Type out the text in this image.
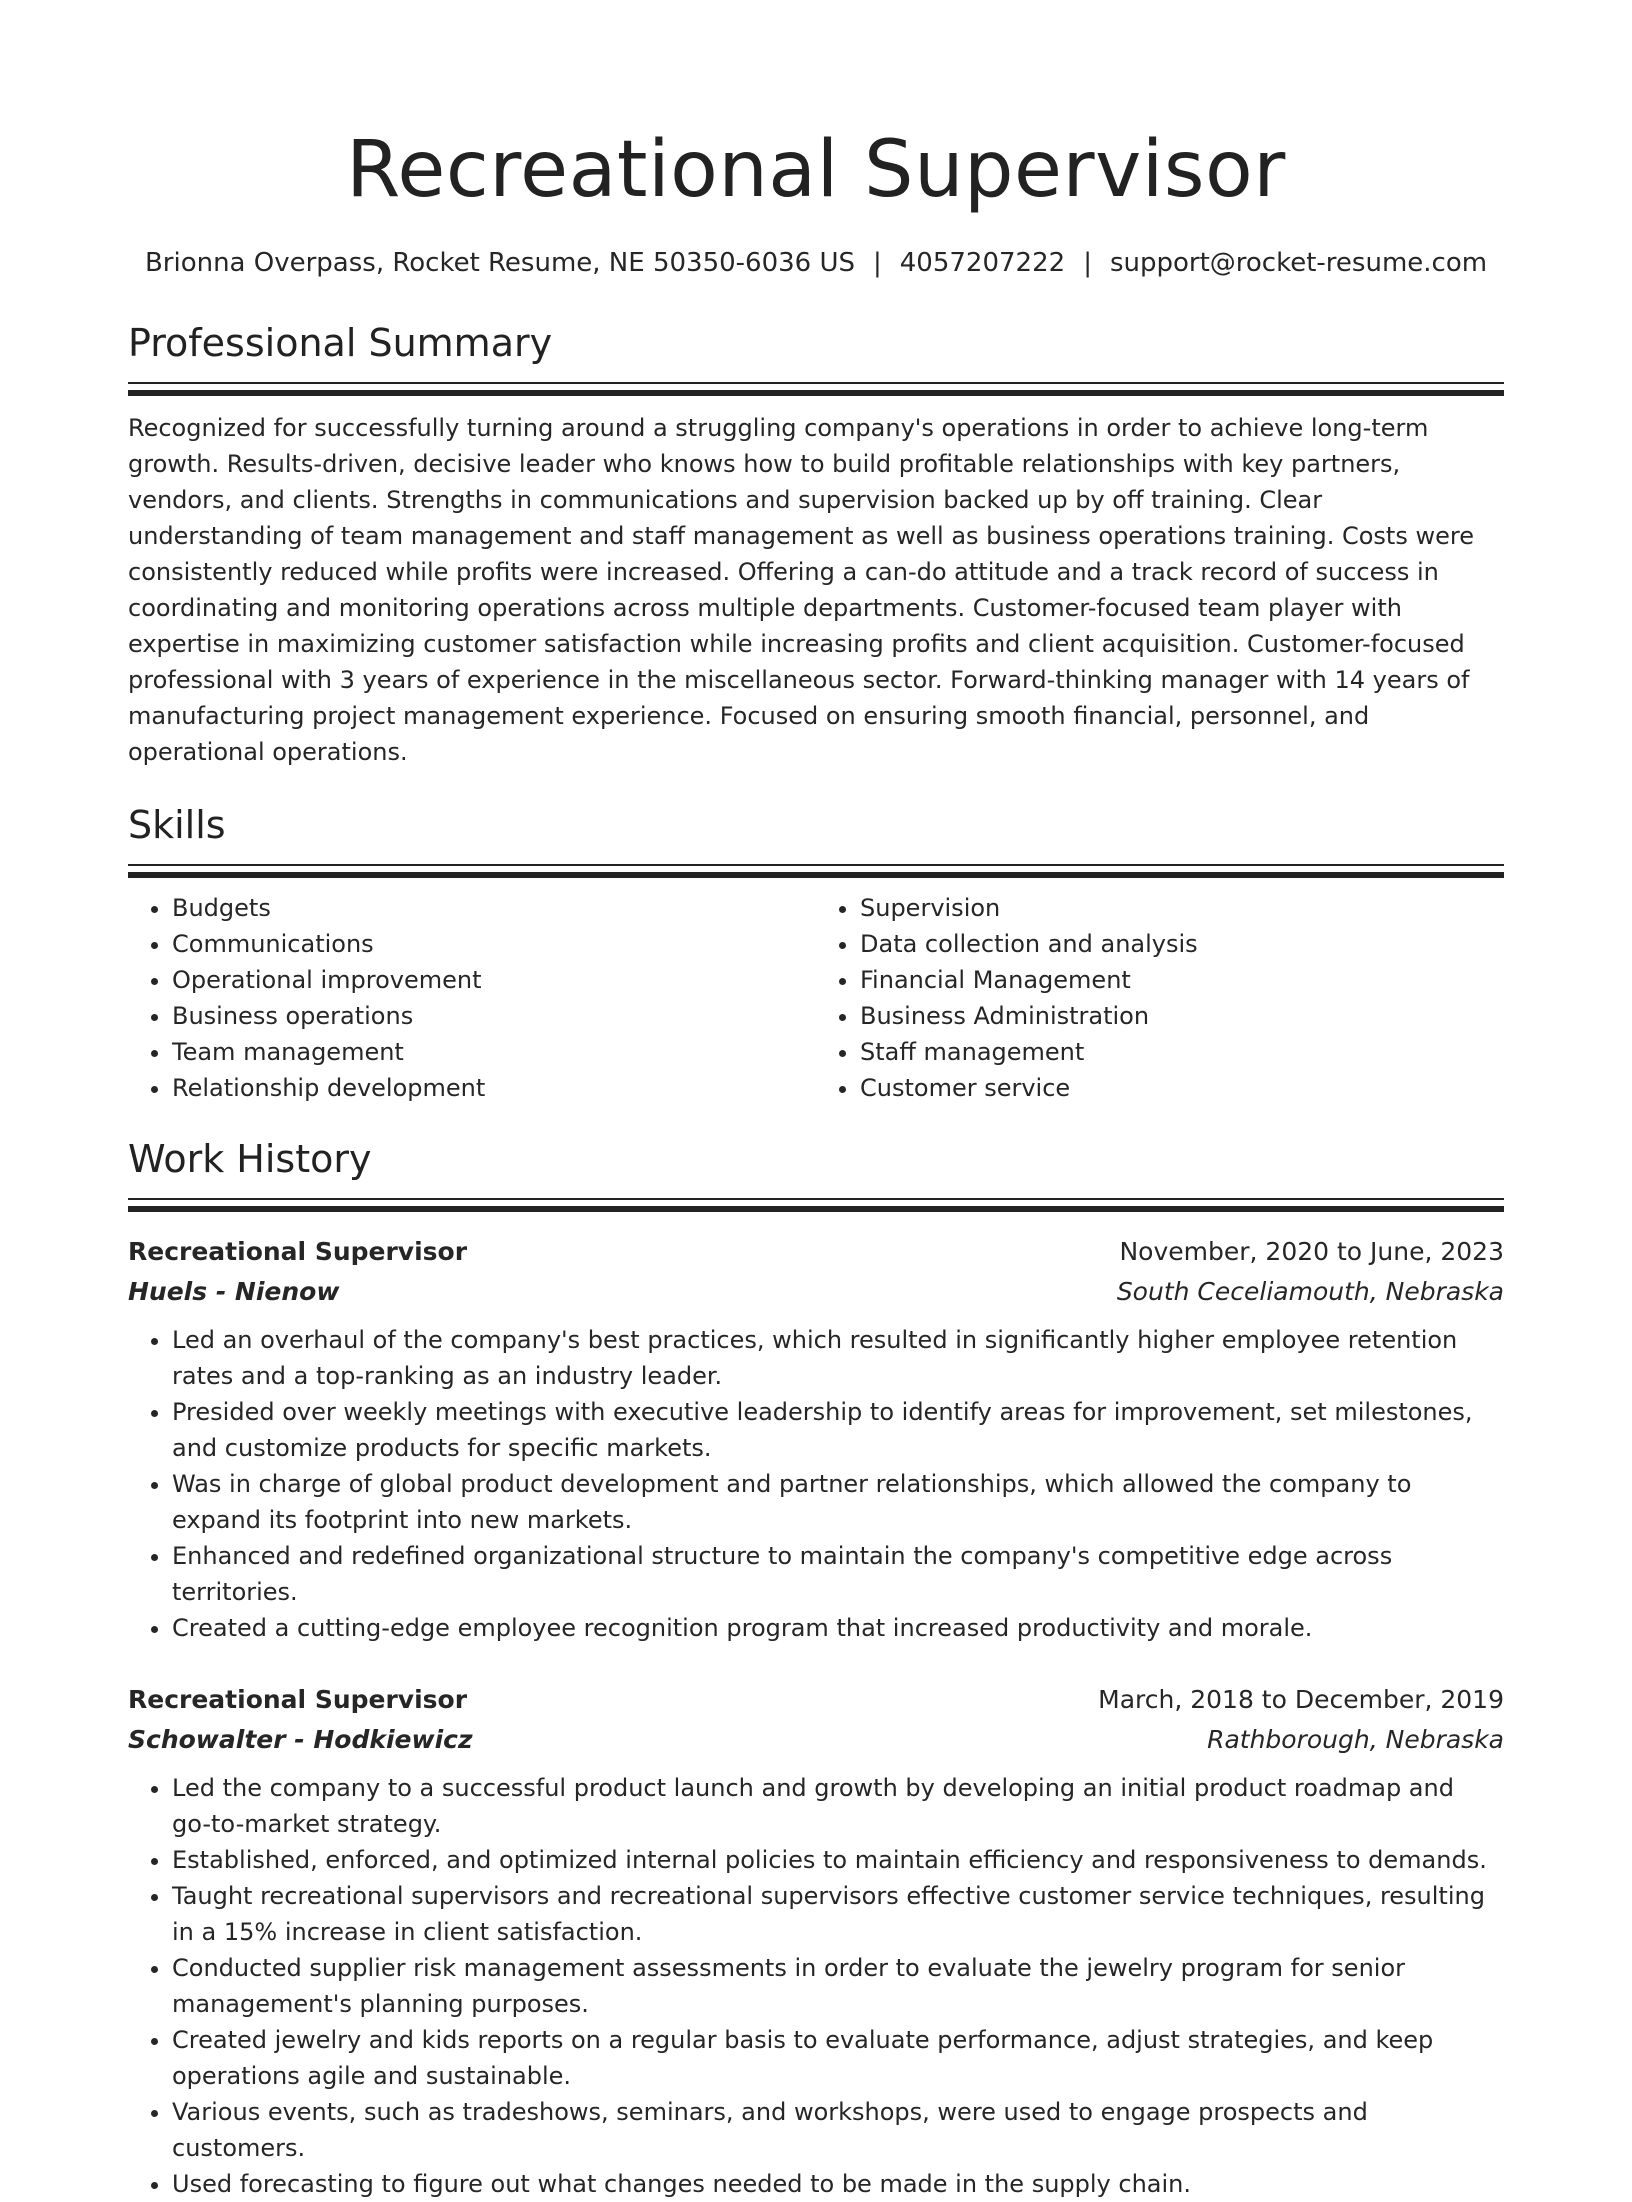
Recreational Supervisor
Brionna Overpass, Rocket Resume, NE 50350-6036 US | 4057207222 | support@rocket-resume.com
Professional Summary

Recognized for successfully turning around a struggling company's operations in order to achieve long-term growth. Results-driven, decisive leader who knows how to build profitable relationships with key partners, vendors, and clients. Strengths in communications and supervision backed up by off training. Clear understanding of team management and staff management as well as business operations training. Costs were consistently reduced while profits were increased. Offering a can-do attitude and a track record of success in coordinating and monitoring operations across multiple departments. Customer-focused team player with expertise in maximizing customer satisfaction while increasing profits and client acquisition. Customer-focused professional with 3 years of experience in the miscellaneous sector. Forward-thinking manager with 14 years of manufacturing project management experience. Focused on ensuring smooth financial, personnel, and operational operations.

Skills
• Budgets
• Communications
• Operational improvement
• Business operations
• Team management
• Relationship development
• Supervision
• Data collection and analysis
• Financial Management
• Business Administration
• Staff management
• Customer service
Work History
Recreational Supervisor	November, 2020 to June, 2023
Huels - Nienow	South Ceceliamouth, Nebraska
• Led an overhaul of the company's best practices, which resulted in significantly higher employee retention rates and a top-ranking as an industry leader.
• Presided over weekly meetings with executive leadership to identify areas for improvement, set milestones, and customize products for specific markets.
• Was in charge of global product development and partner relationships, which allowed the company to expand its footprint into new markets.
• Enhanced and redefined organizational structure to maintain the company's competitive edge across territories.
• Created a cutting-edge employee recognition program that increased productivity and morale.
Recreational Supervisor	March, 2018 to December, 2019
Schowalter - Hodkiewicz	Rathborough, Nebraska
• Led the company to a successful product launch and growth by developing an initial product roadmap and go-to-market strategy.
• Established, enforced, and optimized internal policies to maintain efficiency and responsiveness to demands.
• Taught recreational supervisors and recreational supervisors effective customer service techniques, resulting in a 15% increase in client satisfaction.
• Conducted supplier risk management assessments in order to evaluate the jewelry program for senior management's planning purposes.
• Created jewelry and kids reports on a regular basis to evaluate performance, adjust strategies, and keep operations agile and sustainable.
• Various events, such as tradeshows, seminars, and workshops, were used to engage prospects and customers.
• Used forecasting to figure out what changes needed to be made in the supply chain.
